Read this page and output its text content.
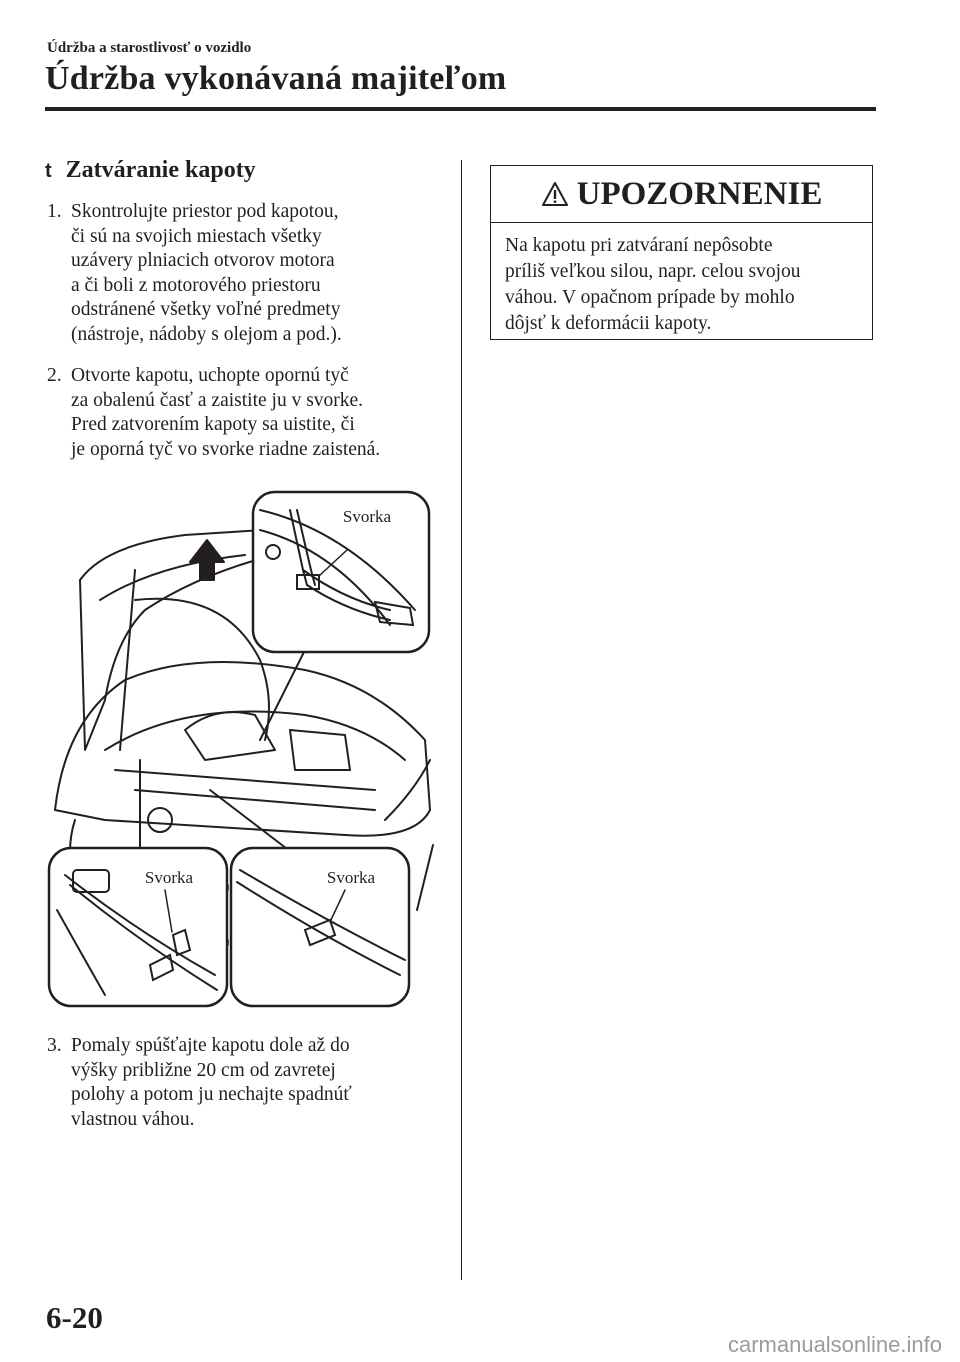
Údržba a starostlivosť o vozidlo
Údržba vykonávaná majiteľom
t Zatváranie kapoty
1. Skontrolujte priestor pod kapotou,
či sú na svojich miestach všetky
uzávery plniacich otvorov motora
a či boli z motorového priestoru
odstránené všetky voľné predmety
(nástroje, nádoby s olejom a pod.).
2. Otvorte kapotu, uchopte opornú tyč
za obalenú časť a zaistite ju v svorke.
Pred zatvorením kapoty sa uistite, či
je oporná tyč vo svorke riadne zaistená.
Svorka
Svorka	Svorka
3. Pomaly spúšťajte kapotu dole až do
výšky približne 20 cm od zavretej
polohy a potom ju nechajte spadnúť
vlastnou váhou.
UPOZORNENIE
Na kapotu pri zatváraní nepôsobte
príliš veľkou silou, napr. celou svojou
váhou. V opačnom prípade by mohlo
dôjsť k deformácii kapoty.
6-20
carmanualsonline.info
